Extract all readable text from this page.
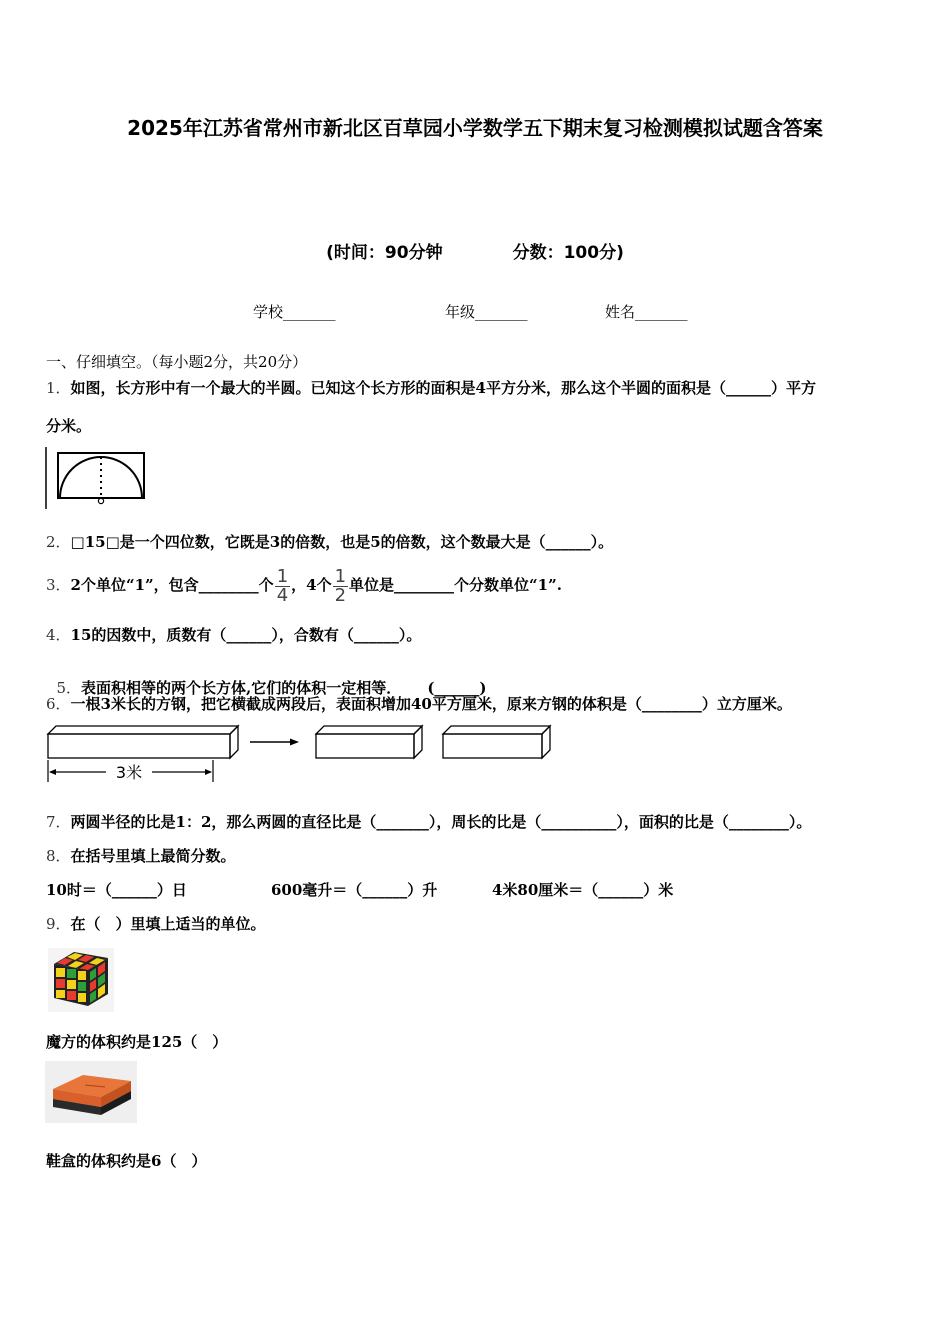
2025年江苏省常州市新北区百草园小学数学五下期末复习检测模拟试题含答案
(时间：90分钟	分数：100分)
学校_______	年级_______	姓名_______
一、仔细填空。（每小题2分，共20分）
1．如图，长方形中有一个最大的半圆。已知这个长方形的面积是4平方分米，那么这个半圆的面积是（______）平方
分米。
2．□15□是一个四位数，它既是3的倍数，也是5的倍数，这个数最大是（______）。
3．2个单位“1”，包含________个 $\frac{1}{4}$ ，4个 $\frac{1}{2}$ 单位是________个分数单位“1”.
4．15的因数中，质数有（______），合数有（______）。

5．表面积相等的两个长方体,它们的体积一定相等．     (______)

6．一根3米长的方钢，把它横截成两段后，表面积增加40平方厘米，原来方钢的体积是（________）立方厘米。
3米
7．两圆半径的比是1：2，那么两圆的直径比是（_______），周长的比是（__________），面积的比是（________）。
8．在括号里填上最简分数。
10时＝（______）日	600毫升＝（______）升	4米80厘米＝（______）米
9．在（　）里填上适当的单位。
魔方的体积约是125（　）
鞋盒的体积约是6（　）
